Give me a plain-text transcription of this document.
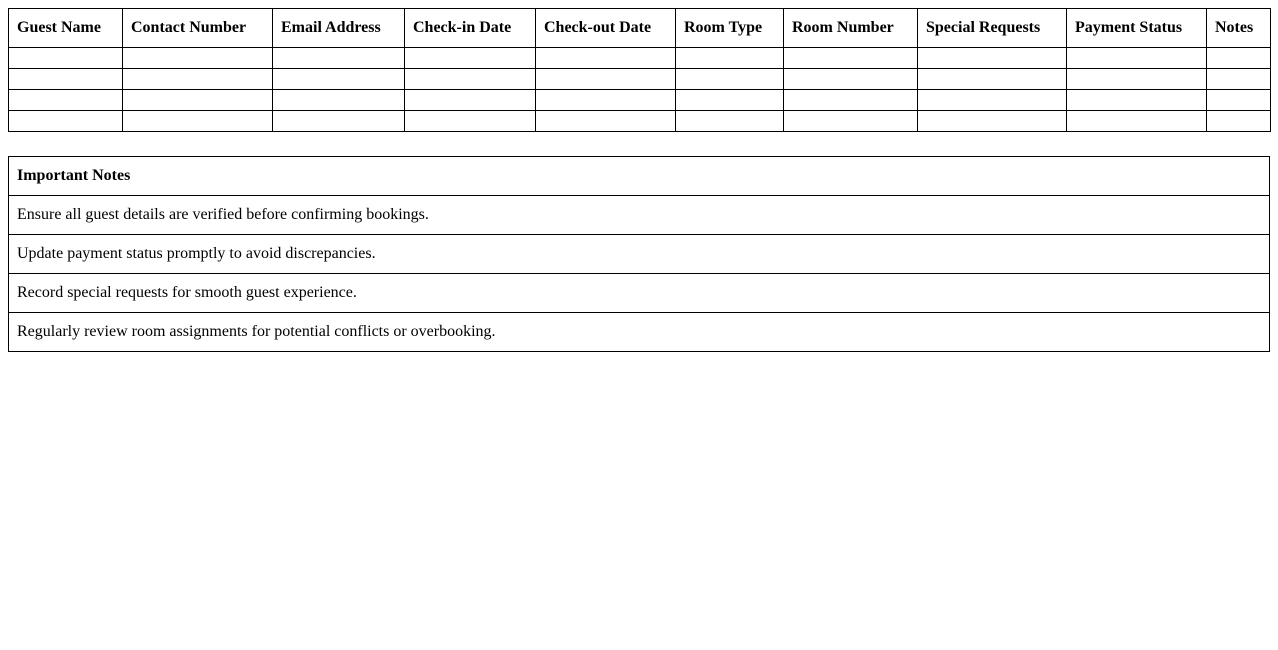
Guest Name	Contact Number	Email Address	Check-in Date	Check-out Date	Room Type	Room Number	Special Requests	Payment Status	Notes

Important Notes
Ensure all guest details are verified before confirming bookings.
Update payment status promptly to avoid discrepancies.
Record special requests for smooth guest experience.
Regularly review room assignments for potential conflicts or overbooking.
